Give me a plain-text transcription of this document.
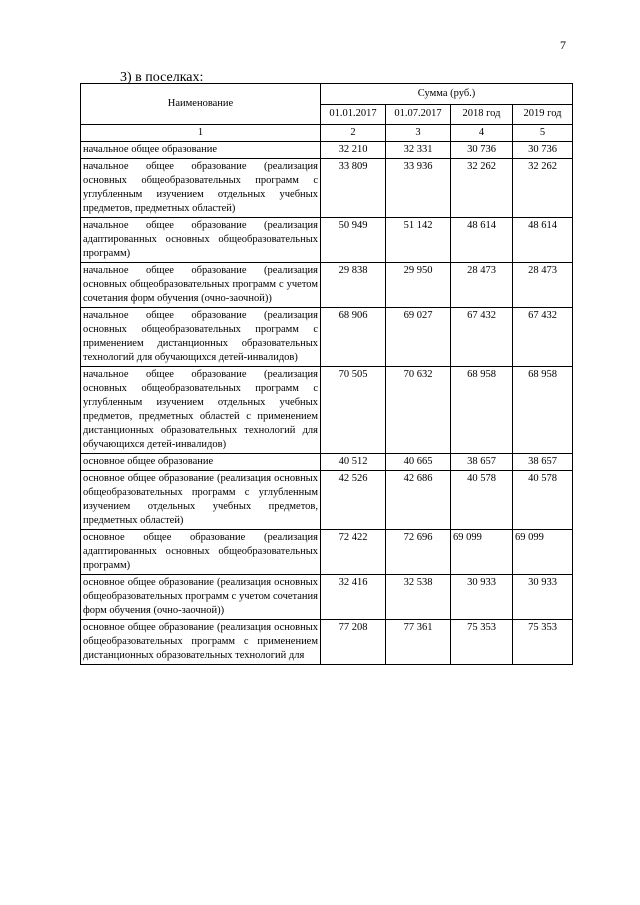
7
3) в поселках:
Наименование	Сумма (руб.)			
	01.01.2017	01.07.2017	2018 год	2019 год
1	2	3	4	5
начальное общее образование	32 210	32 331	30 736	30 736
начальное общее образование (реализация основных общеобразовательных программ с углубленным изучением отдельных учебных предметов, предметных областей)	33 809	33 936	32 262	32 262
начальное общее образование (реализация адаптированных основных общеобразовательных программ)	50 949	51 142	48 614	48 614
начальное общее образование (реализация основных общеобразовательных программ с учетом сочетания форм обучения (очно-заочной))	29 838	29 950	28 473	28 473
начальное общее образование (реализация основных общеобразовательных программ с применением дистанционных образовательных технологий для обучающихся детей-инвалидов)	68 906	69 027	67 432	67 432
начальное общее образование (реализация основных общеобразовательных программ с углубленным изучением отдельных учебных предметов, предметных областей с применением дистанционных образовательных технологий для обучающихся детей-инвалидов)	70 505	70 632	68 958	68 958
основное общее образование	40 512	40 665	38 657	38 657
основное общее образование (реализация основных общеобразовательных программ с углубленным изучением отдельных учебных предметов, предметных областей)	42 526	42 686	40 578	40 578
основное общее образование (реализация адаптированных основных общеобразовательных программ)	72 422	72 696	69 099	69 099
основное общее образование (реализация основных общеобразовательных программ с учетом сочетания форм обучения (очно-заочной))	32 416	32 538	30 933	30 933
основное общее образование (реализация основных общеобразовательных программ с применением дистанционных образовательных технологий для	77 208	77 361	75 353	75 353
